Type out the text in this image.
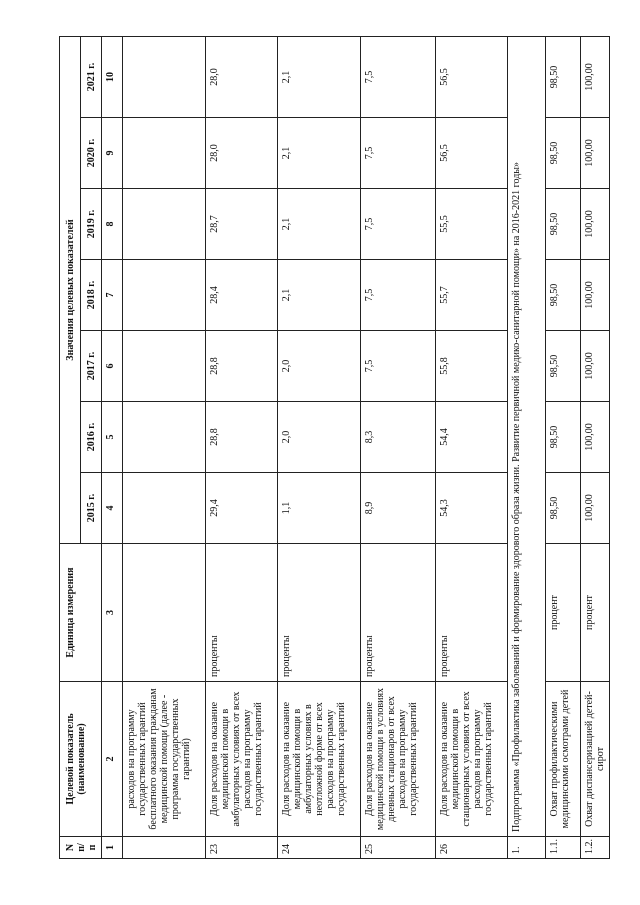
N п/п	Целевой показатель (наименование)	Единица измерения	Значения целевых показателей						
			2015 г.	2016 г.	2017 г.	2018 г.	2019 г.	2020 г.	2021 г.
1	2	3	4	5	6	7	8	9	10
	расходов на программу государственных гарантий бесплатного оказания гражданам медицинской помощи (далее - программа государственных гарантий)								
23	Доля расходов на оказание медицинской помощи в амбулаторных условиях от всех расходов на программу государственных гарантий	проценты	29,4	28,8	28,8	28,4	28,7	28,0	28,0
24	Доля расходов на оказание медицинской помощи в амбулаторных условиях в неотложной форме от всех расходов на программу государственных гарантий	проценты	1,1	2,0	2,0	2,1	2,1	2,1	2,1
25	Доля расходов на оказание медицинской помощи в условиях дневных стационаров от всех расходов на программу государственных гарантий	проценты	8,9	8,3	7,5	7,5	7,5	7,5	7,5
26	Доля расходов на оказание медицинской помощи в стационарных условиях от всех расходов на программу государственных гарантий	проценты	54,3	54,4	55,8	55,7	55,5	56,5	56,5
1.	Подпрограмма «Профилактика заболеваний и формирование здорового образа жизни. Развитие первичной медико-санитарной помощи» на 2016-2021 годы»								
1.1.	Охват профилактическими медицинскими осмотрами детей	процент	98,50	98,50	98,50	98,50	98,50	98,50	98,50
1.2.	Охват диспансеризацией детей-сирот	процент	100,00	100,00	100,00	100,00	100,00	100,00	100,00
